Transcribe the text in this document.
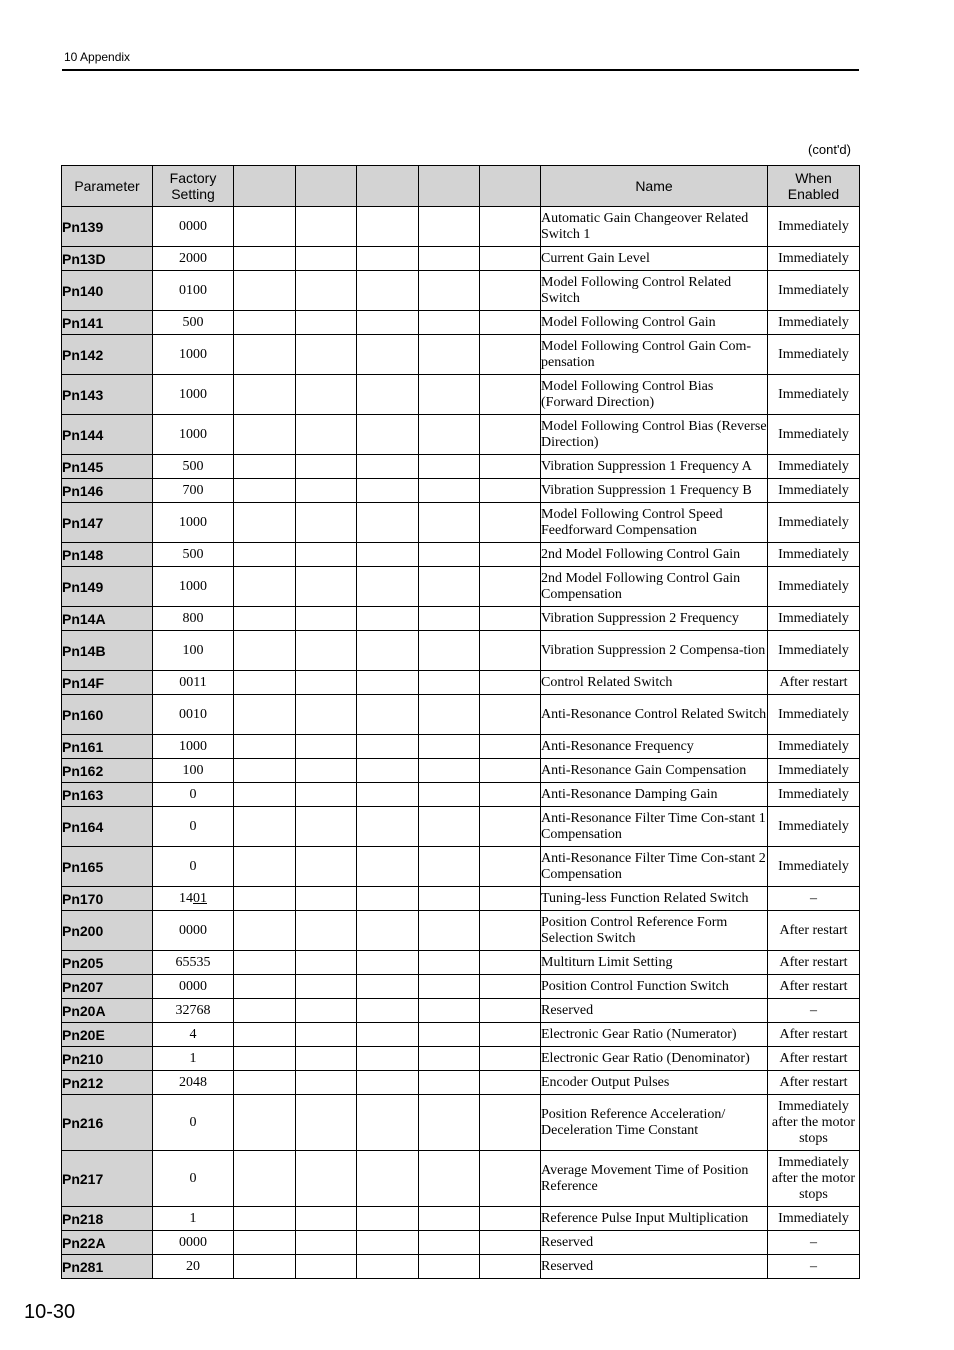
10 Appendix
(cont'd)
Parameter	Factory Setting						Name	When Enabled
Pn139	0000						Automatic Gain Changeover Related Switch 1	Immediately
Pn13D	2000						Current Gain Level	Immediately
Pn140	0100						Model Following Control Related Switch	Immediately
Pn141	500						Model Following Control Gain	Immediately
Pn142	1000						Model Following Control Gain Com-pensation	Immediately
Pn143	1000						Model Following Control Bias (Forward Direction)	Immediately
Pn144	1000						Model Following Control Bias (Reverse Direction)	Immediately
Pn145	500						Vibration Suppression 1 Frequency A	Immediately
Pn146	700						Vibration Suppression 1 Frequency B	Immediately
Pn147	1000						Model Following Control Speed Feedforward Compensation	Immediately
Pn148	500						2nd Model Following Control Gain	Immediately
Pn149	1000						2nd Model Following Control Gain Compensation	Immediately
Pn14A	800						Vibration Suppression 2 Frequency	Immediately
Pn14B	100						Vibration Suppression 2 Compensa-tion	Immediately
Pn14F	0011						Control Related Switch	After restart
Pn160	0010						Anti-Resonance Control Related Switch	Immediately
Pn161	1000						Anti-Resonance Frequency	Immediately
Pn162	100						Anti-Resonance Gain Compensation	Immediately
Pn163	0						Anti-Resonance Damping Gain	Immediately
Pn164	0						Anti-Resonance Filter Time Con-stant 1 Compensation	Immediately
Pn165	0						Anti-Resonance Filter Time Con-stant 2 Compensation	Immediately
Pn170	1401						Tuning-less Function Related Switch	–
Pn200	0000						Position Control Reference Form Selection Switch	After restart
Pn205	65535						Multiturn Limit Setting	After restart
Pn207	0000						Position Control Function Switch	After restart
Pn20A	32768						Reserved	–
Pn20E	4						Electronic Gear Ratio (Numerator)	After restart
Pn210	1						Electronic Gear Ratio (Denominator)	After restart
Pn212	2048						Encoder Output Pulses	After restart
Pn216	0						Position Reference Acceleration/ Deceleration Time Constant	Immediately after the motor stops
Pn217	0						Average Movement Time of Position Reference	Immediately after the motor stops
Pn218	1						Reference Pulse Input Multiplication	Immediately
Pn22A	0000						Reserved	–
Pn281	20						Reserved	–
10-30
